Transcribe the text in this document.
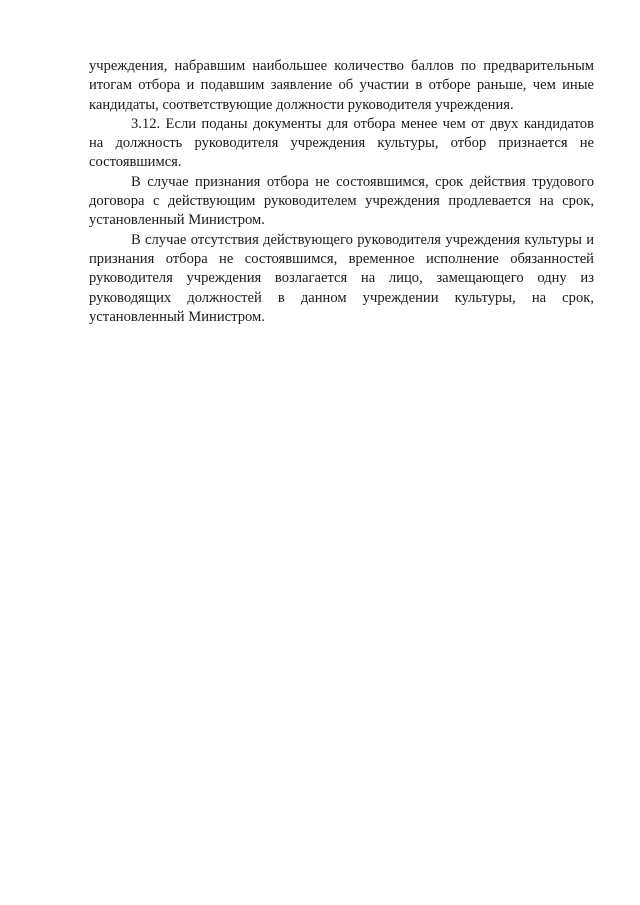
учреждения, набравшим наибольшее количество баллов по предварительным итогам отбора и подавшим заявление об участии в отборе раньше, чем иные кандидаты, соответствующие должности руководителя учреждения.

3.12. Если поданы документы для отбора менее чем от двух кандидатов на должность руководителя учреждения культуры, отбор признается не состоявшимся.

В случае признания отбора не состоявшимся, срок действия трудового договора с действующим руководителем учреждения продлевается на срок, установленный Министром.

В случае отсутствия действующего руководителя учреждения культуры и признания отбора не состоявшимся, временное исполнение обязанностей руководителя учреждения возлагается на лицо, замещающего одну из руководящих должностей в данном учреждении культуры, на срок, установленный Министром.
